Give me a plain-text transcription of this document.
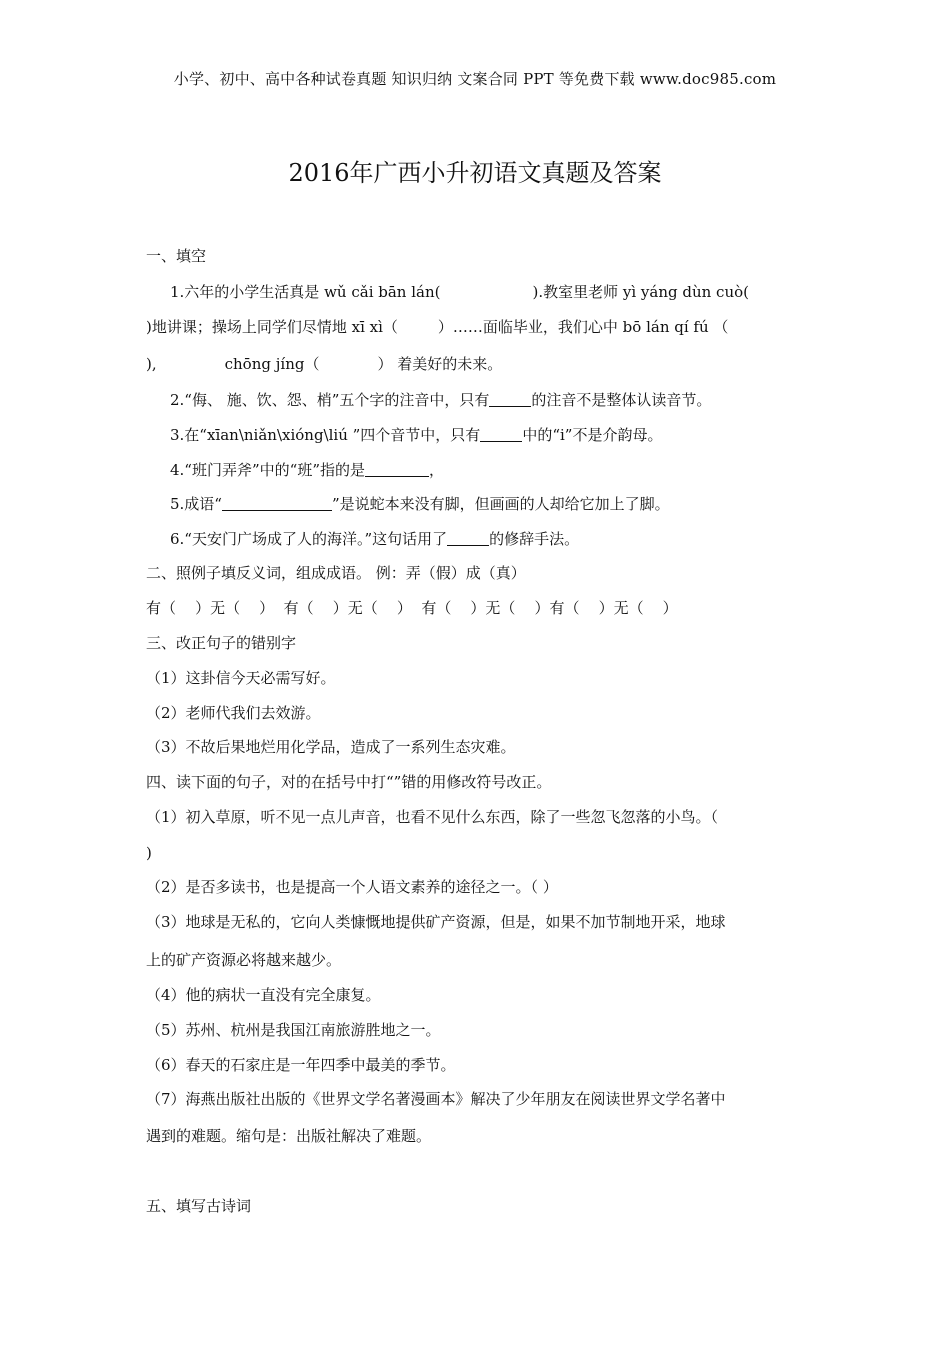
小学、初中、高中各种试卷真题 知识归纳 文案合同 PPT 等免费下载 www.doc985.com
2016年广西小升初语文真题及答案
一、填空
1.六年的小学生活真是 wǔ cǎi bān lán(	).教室里老师 yì yáng dùn cuò(
)地讲课；操场上同学们尽情地 xī xì（	）……面临毕业，我们心中 bō lán qí fú （
),	chōng jíng（	） 着美好的未来。
2.“侮、 施、饮、怨、梢”五个字的注音中，只有	的注音不是整体认读音节。
3.在“xīan\niǎn\xióng\liú ”四个音节中，只有	中的“i”不是介韵母。
4.“班门弄斧”中的“班”指的是	，
5.成语“	”是说蛇本来没有脚，但画画的人却给它加上了脚。
6.“天安门广场成了人的海洋。”这句话用了	的修辞手法。
二、照例子填反义词，组成成语。 例：弄（假）成（真）
有（    ）无（    ）  有（    ）无（    ）  有（    ）无（    ）有（    ）无（    ）
三、改正句子的错别字
（1）这卦信今天必需写好。
（2）老师代我们去效游。
（3）不故后果地烂用化学品，造成了一系列生态灾难。
四、读下面的句子，对的在括号中打“”错的用修改符号改正。
（1）初入草原，听不见一点儿声音，也看不见什么东西，除了一些忽飞忽落的小鸟。（
)
（2）是否多读书，也是提高一个人语文素养的途径之一。（ ）
（3）地球是无私的，它向人类慷慨地提供矿产资源，但是，如果不加节制地开采，地球
上的矿产资源必将越来越少。
（4）他的病状一直没有完全康复。
（5）苏州、杭州是我国江南旅游胜地之一。
（6）春天的石家庄是一年四季中最美的季节。
（7）海燕出版社出版的《世界文学名著漫画本》解决了少年朋友在阅读世界文学名著中
遇到的难题。缩句是：出版社解决了难题。
五、填写古诗词
